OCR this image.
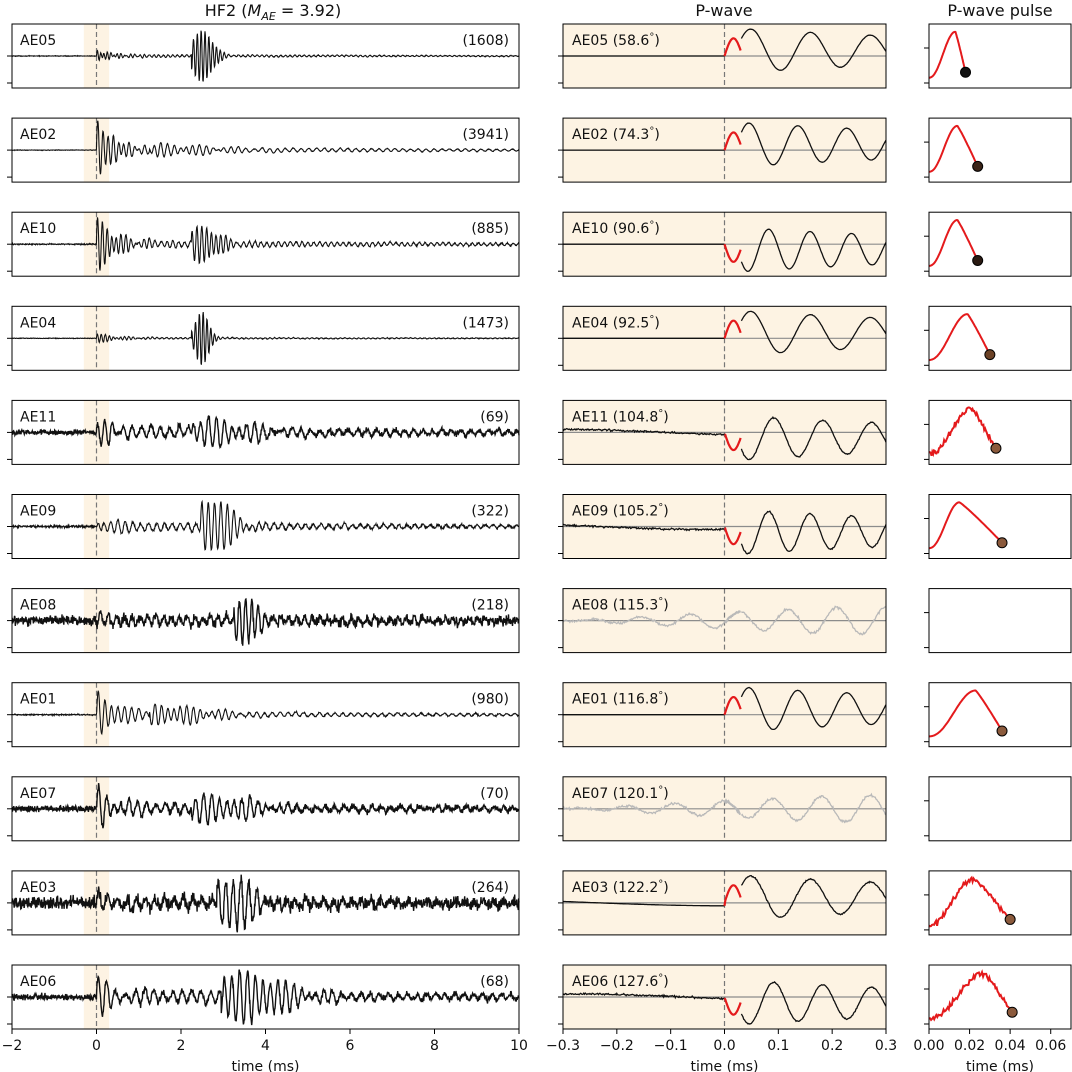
HF2 $(M_{AE} = 3.92)$	P-wave	P-wave pulse
AE05	(1608)	AE05 (58.6°)
AE02	(3941)	AE02 (74.3°)
AE10	(885)	AE10 (90.6°)
AE04	(1473)	AE04 (92.5°)
AE11	(69)	AE11 (104.8°)
AE09	(322)	AE09 (105.2°)
AE08	(218)	AE08 (115.3°)
AE01	(980)	AE01 (116.8°)
AE07	(70)	AE07 (120.1°)
AE03	(264)	AE03 (122.2°)
AE06	(68)	AE06 (127.6°)
−2	0	2	4	6	8	10
time (ms)
−0.3 −0.2 −0.1 0.0 0.1 0.2 0.3
time (ms)
0.00 0.02 0.04 0.06
time (ms)
